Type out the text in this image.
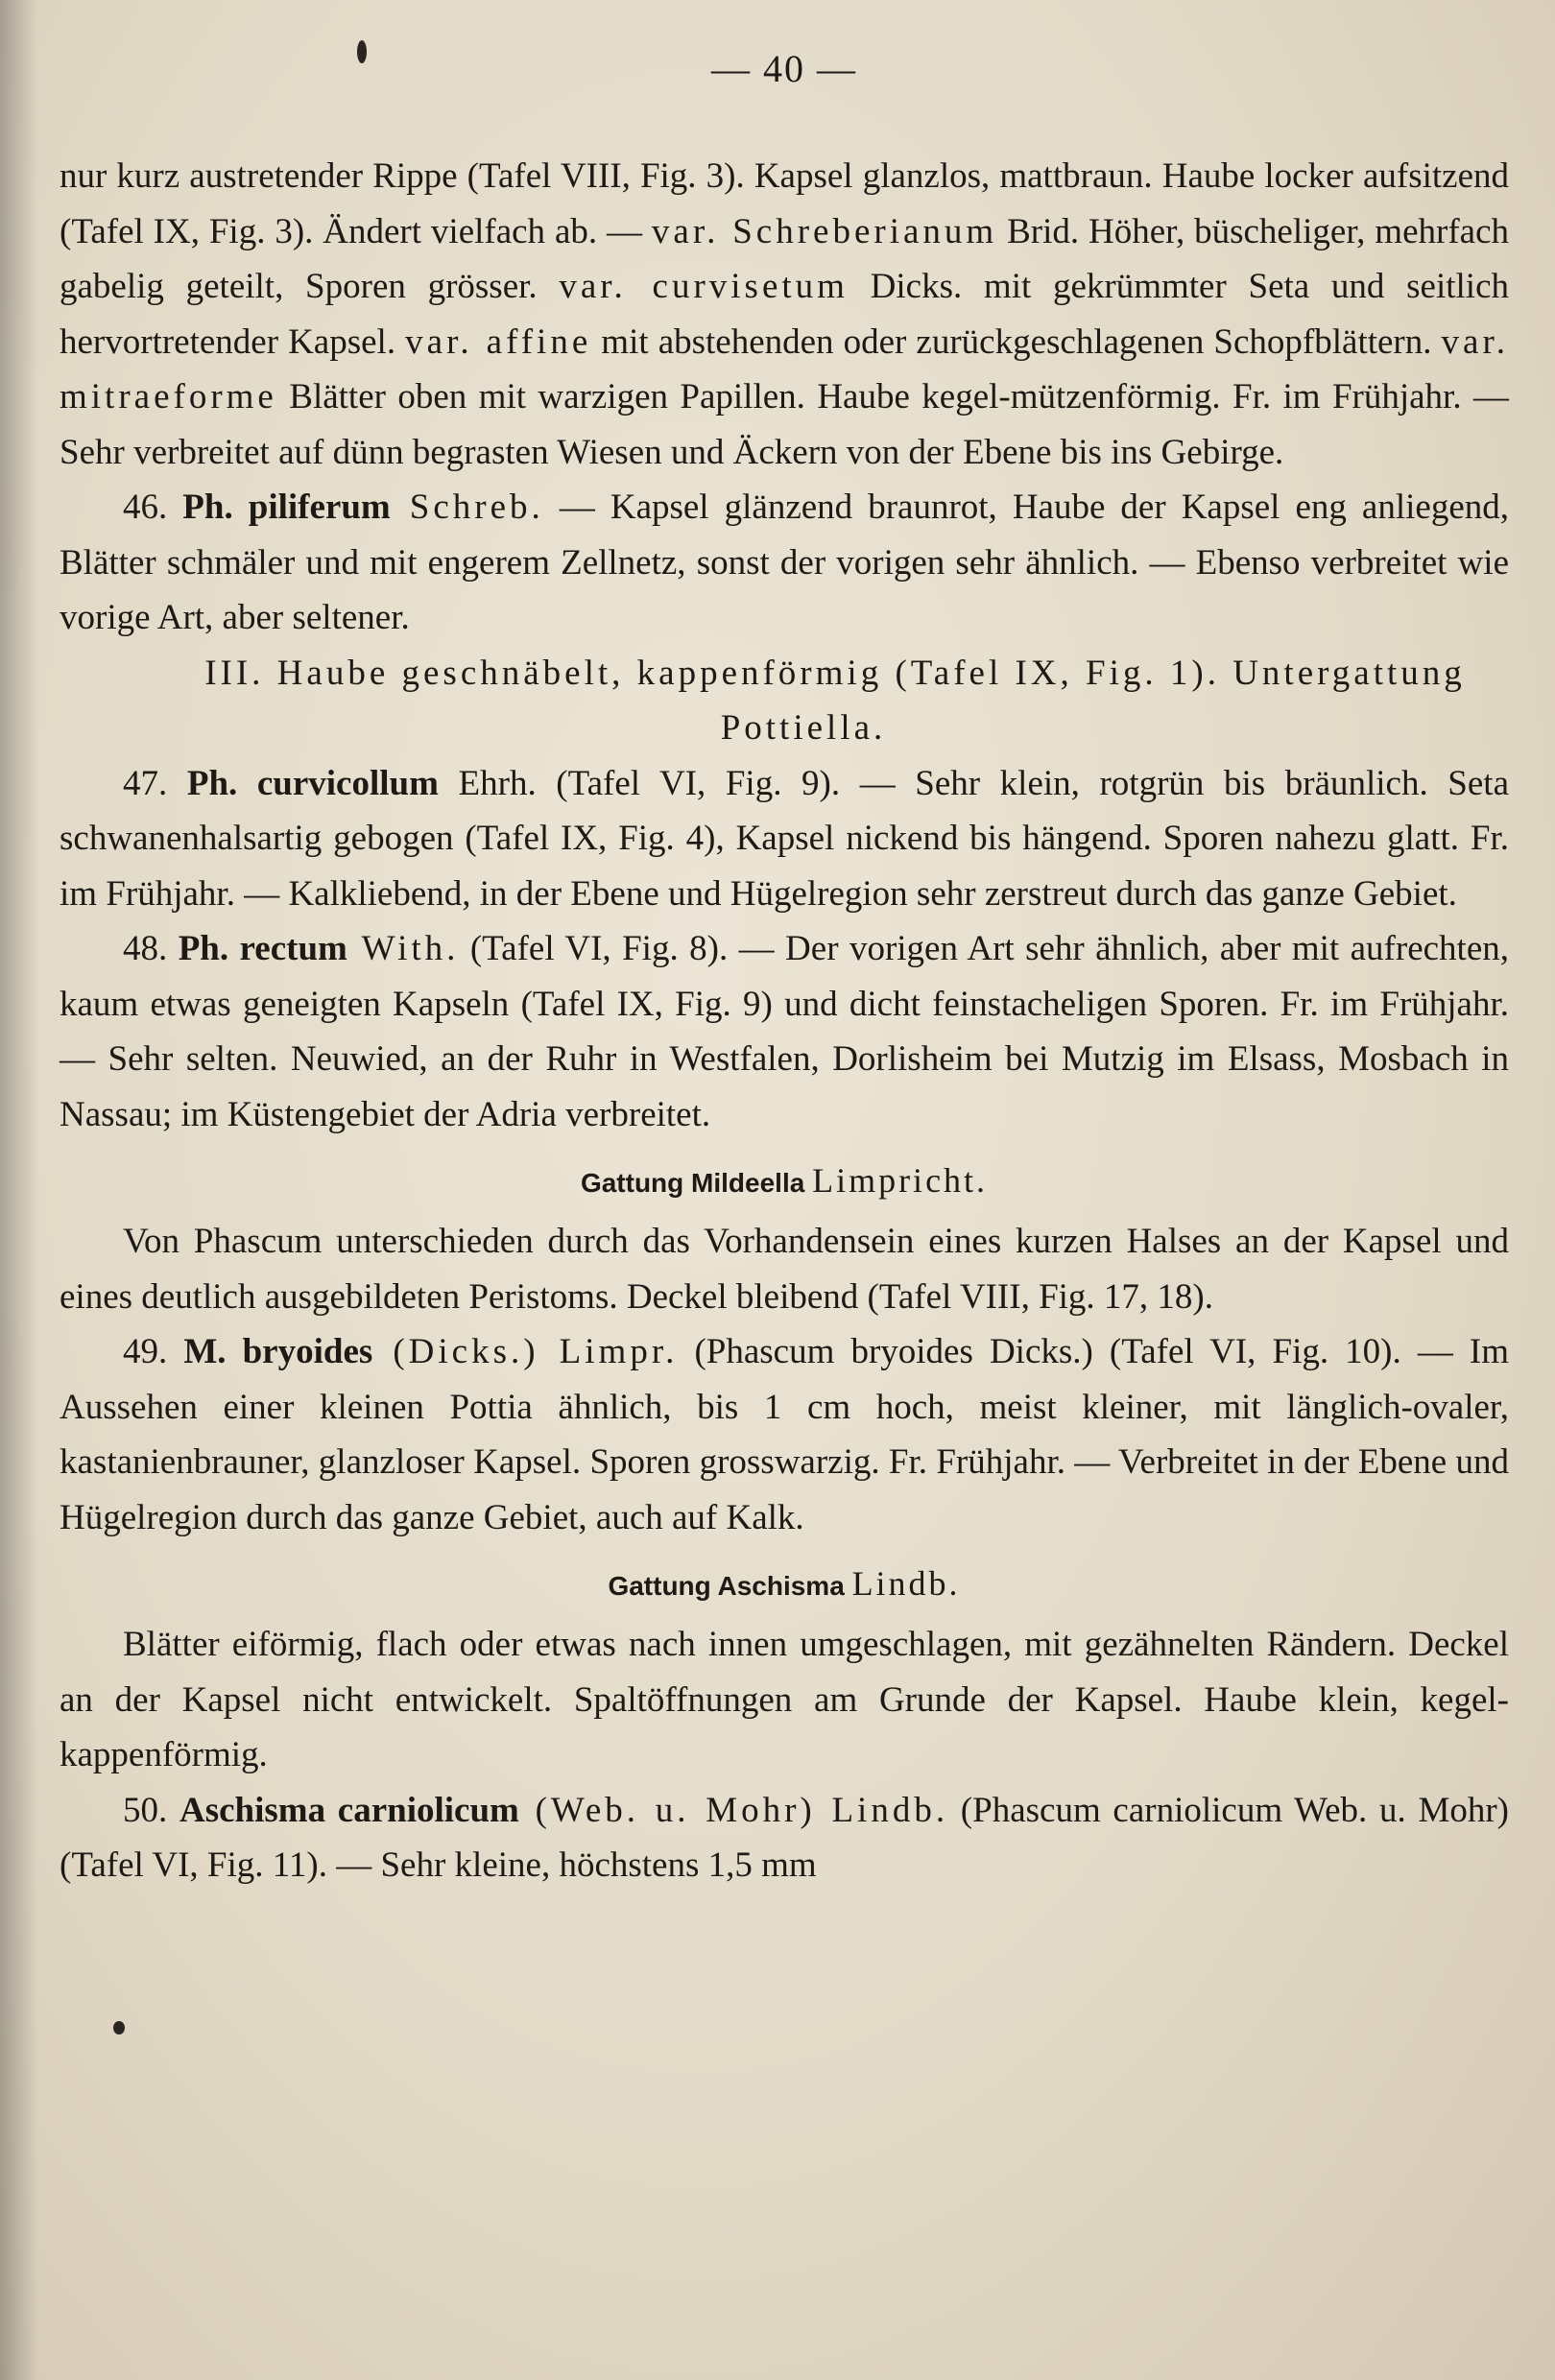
— 40 —

nur kurz austretender Rippe (Tafel VIII, Fig. 3). Kapsel glanzlos, mattbraun. Haube locker aufsitzend (Tafel IX, Fig. 3). Ändert vielfach ab. — var. Schreberianum Brid. Höher, büscheliger, mehrfach gabelig geteilt, Sporen grösser. var. curvisetum Dicks. mit gekrümmter Seta und seitlich hervortretender Kapsel. var. affine mit abstehenden oder zurückgeschlagenen Schopfblättern. var. mitraeforme Blätter oben mit warzigen Papillen. Haube kegel-mützenförmig. Fr. im Frühjahr. — Sehr verbreitet auf dünn begrasten Wiesen und Äckern von der Ebene bis ins Gebirge.

46. Ph. piliferum Schreb. — Kapsel glänzend braunrot, Haube der Kapsel eng anliegend, Blätter schmäler und mit engerem Zellnetz, sonst der vorigen sehr ähnlich. — Ebenso verbreitet wie vorige Art, aber seltener.

III. Haube geschnäbelt, kappenförmig (Tafel IX, Fig. 1). Untergattung Pottiella.

47. Ph. curvicollum Ehrh. (Tafel VI, Fig. 9). — Sehr klein, rotgrün bis bräunlich. Seta schwanenhalsartig gebogen (Tafel IX, Fig. 4), Kapsel nickend bis hängend. Sporen nahezu glatt. Fr. im Frühjahr. — Kalkliebend, in der Ebene und Hügelregion sehr zerstreut durch das ganze Gebiet.

48. Ph. rectum With. (Tafel VI, Fig. 8). — Der vorigen Art sehr ähnlich, aber mit aufrechten, kaum etwas geneigten Kapseln (Tafel IX, Fig. 9) und dicht feinstacheligen Sporen. Fr. im Frühjahr. — Sehr selten. Neuwied, an der Ruhr in Westfalen, Dorlisheim bei Mutzig im Elsass, Mosbach in Nassau; im Küstengebiet der Adria verbreitet.

Gattung Mildeella Limpricht.

Von Phascum unterschieden durch das Vorhandensein eines kurzen Halses an der Kapsel und eines deutlich ausgebildeten Peristoms. Deckel bleibend (Tafel VIII, Fig. 17, 18).

49. M. bryoides (Dicks.) Limpr. (Phascum bryoides Dicks.) (Tafel VI, Fig. 10). — Im Aussehen einer kleinen Pottia ähnlich, bis 1 cm hoch, meist kleiner, mit länglich-ovaler, kastanienbrauner, glanzloser Kapsel. Sporen grosswarzig. Fr. Frühjahr. — Verbreitet in der Ebene und Hügelregion durch das ganze Gebiet, auch auf Kalk.

Gattung Aschisma Lindb.

Blätter eiförmig, flach oder etwas nach innen umgeschlagen, mit gezähnelten Rändern. Deckel an der Kapsel nicht entwickelt. Spaltöffnungen am Grunde der Kapsel. Haube klein, kegel-kappenförmig.

50. Aschisma carniolicum (Web. u. Mohr) Lindb. (Phascum carniolicum Web. u. Mohr) (Tafel VI, Fig. 11). — Sehr kleine, höchstens 1,5 mm
